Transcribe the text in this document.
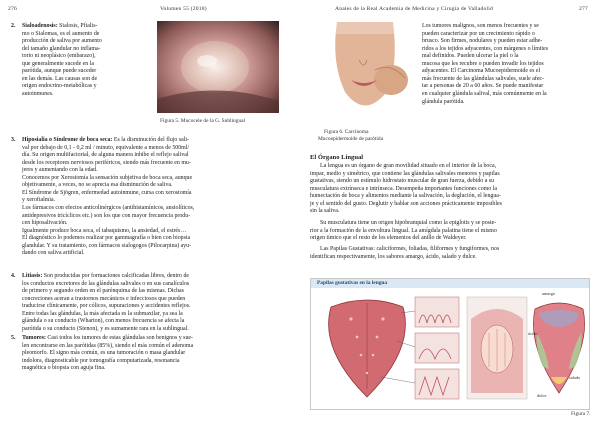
276	Volumen 55 (2018)
2. Sialoadenosis: Sialosis, Pfialis-
mo o Sialomas, es el aumento de
producción de saliva por aumento
del tamaño glandular no inflama-
torio ni neoplásico (embarazo),
que generalmente sucede en la
parótida, aunque puede suceder
en las demás. Las causas son de
origen endocrino-metabólicas y
autoinmunes.
Figura 5. Mucocele de la G. Sublingual
3. Hiposialia o Síndrome de boca seca: Es la disminución del flujo sali-
val por debajo de 0,1 - 0,2 ml / minuto, equivalente a menos de 500ml/
día. Su origen multifactorial, de alguna manera inhibe el reflejo salival
desde los receptores nerviosos periféricos, siendo más frecuente en mu-
jeres y aumentando con la edad.
Conocemos por Xerostomía la sensación subjetiva de boca seca, aunque
objetivamente, a veces, no se aprecia esa disminución de saliva.
El Síndrome de Sjögren, enfermedad autoinmune, cursa con xerostomía
y xeroftalmia.
Los fármacos con efectos anticolinérgicos (antihistamínicos, ansiolíticos,
antidepresivos tricíclicos etc.) son los que con mayor frecuencia produ-
cen hiposalivación.
Igualmente produce boca seca, el tabaquismo, la ansiedad, el estrés…
El diagnóstico lo podemos realizar por gammagrafía o bien con biopsia
glandular. Y su tratamiento, con fármacos sialogogos (Pilocarpina) ayu-
dando con saliva artificial.
4. Litiasis: Son producidas por formaciones calcificadas libres, dentro de
los conductos excretores de las glándulas salivales o en sus canalículos
de primero y segundo orden en el parénquima de las mismas. Dichas
concreciones aceran a trastornos mecánicos e infecciosos que pueden
traducirse clínicamente, por cólicos, supuraciones y accidentes reflejos.
Entre todas las glándulas, la más afectada es la submaxilar, ya sea la
glándula o su conducto (Wharton), con menos frecuencia se afecta la
parótida o su conducto (Stenon), y es sumamente rara en la sublingual.
5. Tumores: Casi todos los tumores de estas glándulas son benignos y sue-
len encontrarse en las parótidas (85%), siendo el más común el adenoma
pleomorfo. El signo más común, es una tumoración o masa glandular
indolora, diagnosticable por tomografía computarizada, resonancia
magnética o biopsia con aguja fina.
Anales de la Real Academia de Medicina y Cirugía de Valladolid	277
Figura 6. Carcinoma
Mucoepidermoide de parótida
Los tumores malignos, son menos frecuentes y se
pueden caracterizar por un crecimiento rápido o
brusco. Son firmes, nodulares y pueden estar adhe-
ridos a los tejidos adyacentes, con márgenes o límites
mal definidos. Pueden ulcerar la piel o la
mucosa que les recubre o pueden invadir los tejidos
adyacentes. El Carcinoma Mucoepidermoide es el
más frecuente de las glándulas salivales, suele afec-
tar a personas de 20 a 60 años. Se puede manifestar
en cualquier glándula salival, más comúnmente en la
glándula parótida.
El Órgano Lingual
La lengua es un órgano de gran movilidad situado en el interior de la boca,
impar, medio y simétrico, que contiene las glándulas salivales menores y papilas
gustativas, siendo un estímulo hidrostato muscular de gran fuerza, debido a su
musculatura extrínseca e intrínseca. Desempeña importantes funciones como la
humectación de boca y alimentos mediante la salivación, la deglución, el lengua-
je y el sentido del gusto. Deglutir y hablar son acciones prácticamente imposibles
sin la saliva.
Su musculatura tiene un origen hipobranquial como la epiglotis y se poste-
rior a la formación de la envoltura lingual. La amígdala palatina tiene el mismo
origen tímico que el resto de los elementos del anillo de Waldeyer.
Las Papilas Gustativas: caliciformes, foliadas, filiformes y fungiformes, nos
identifican respectivamente, los sabores amargo, ácido, salado y dulce.
Papilas gustativas en la lengua
amargo
ácido
salado
dulce
Figura 7.
